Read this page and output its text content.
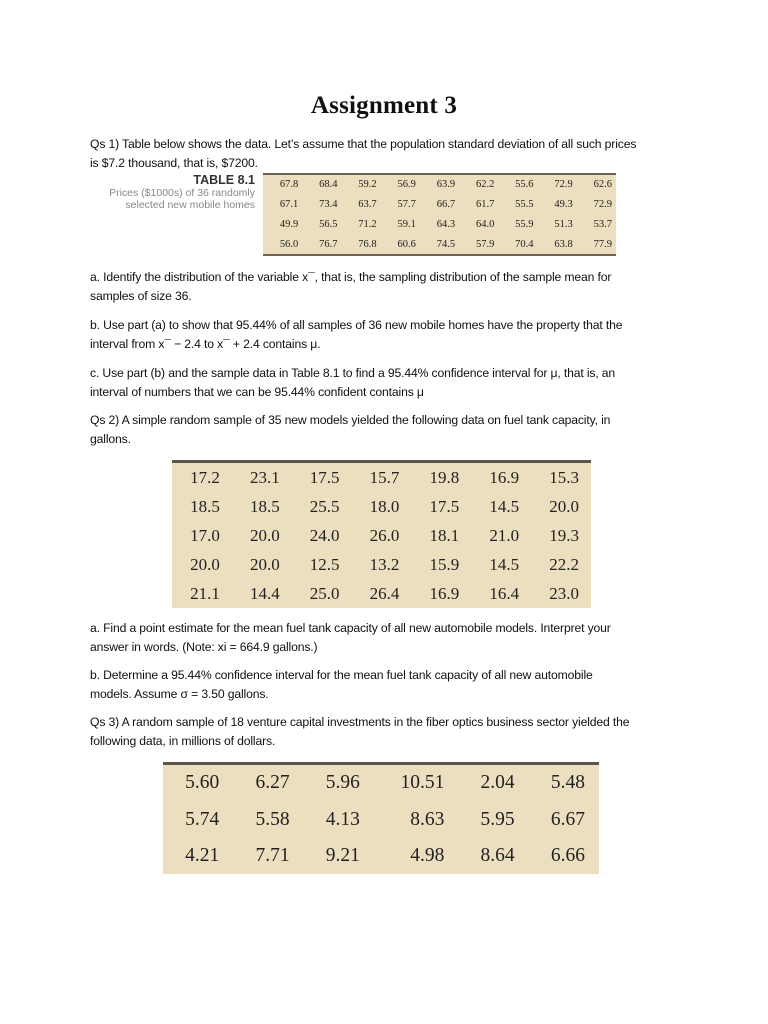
Assignment 3
Qs 1) Table below shows the data. Let’s assume that the population standard deviation of all such prices
is $7.2 thousand, that is, $7200.
TABLE 8.1
Prices ($1000s) of 36 randomly
selected new mobile homes
67.8	68.4	59.2	56.9	63.9	62.2	55.6	72.9	62.6
67.1	73.4	63.7	57.7	66.7	61.7	55.5	49.3	72.9
49.9	56.5	71.2	59.1	64.3	64.0	55.9	51.3	53.7
56.0	76.7	76.8	60.6	74.5	57.9	70.4	63.8	77.9
a. Identify the distribution of the variable x¯, that is, the sampling distribution of the sample mean for
samples of size 36.
b. Use part (a) to show that 95.44% of all samples of 36 new mobile homes have the property that the
interval from x¯ − 2.4 to x¯ + 2.4 contains μ.
c. Use part (b) and the sample data in Table 8.1 to find a 95.44% confidence interval for μ, that is, an
interval of numbers that we can be 95.44% confident contains μ
Qs 2) A simple random sample of 35 new models yielded the following data on fuel tank capacity, in
gallons.
17.2	23.1	17.5	15.7	19.8	16.9	15.3
18.5	18.5	25.5	18.0	17.5	14.5	20.0
17.0	20.0	24.0	26.0	18.1	21.0	19.3
20.0	20.0	12.5	13.2	15.9	14.5	22.2
21.1	14.4	25.0	26.4	16.9	16.4	23.0
a. Find a point estimate for the mean fuel tank capacity of all new automobile models. Interpret your
answer in words. (Note: xi = 664.9 gallons.)
b. Determine a 95.44% confidence interval for the mean fuel tank capacity of all new automobile
models. Assume σ = 3.50 gallons.
Qs 3) A random sample of 18 venture capital investments in the fiber optics business sector yielded the
following data, in millions of dollars.
5.60	6.27	5.96	10.51	2.04	5.48
5.74	5.58	4.13	8.63	5.95	6.67
4.21	7.71	9.21	4.98	8.64	6.66
